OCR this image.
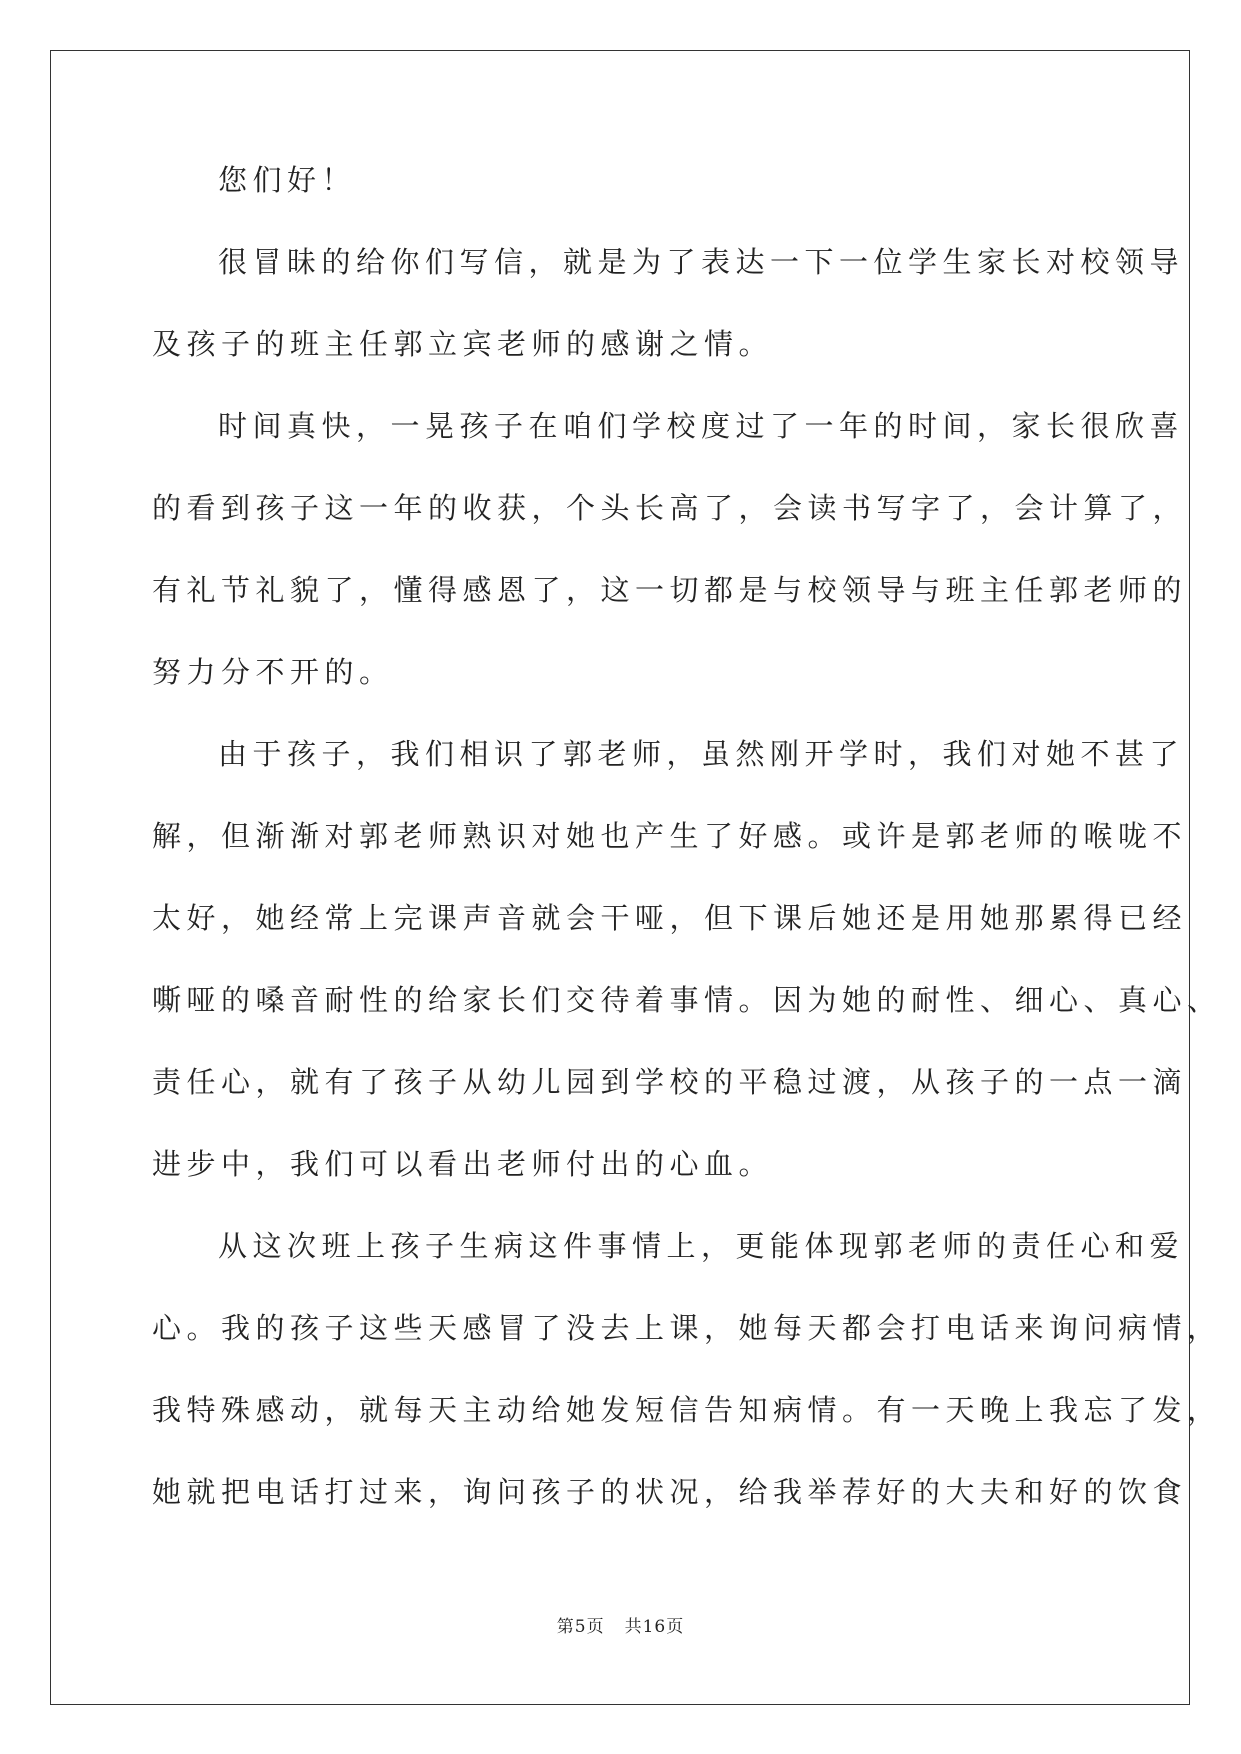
您们好！
很冒昧的给你们写信，就是为了表达一下一位学生家长对校领导
及孩子的班主任郭立宾老师的感谢之情。
时间真快，一晃孩子在咱们学校度过了一年的时间，家长很欣喜
的看到孩子这一年的收获，个头长高了，会读书写字了，会计算了，
有礼节礼貌了，懂得感恩了，这一切都是与校领导与班主任郭老师的
努力分不开的。
由于孩子，我们相识了郭老师，虽然刚开学时，我们对她不甚了
解，但渐渐对郭老师熟识对她也产生了好感。或许是郭老师的喉咙不
太好，她经常上完课声音就会干哑，但下课后她还是用她那累得已经
嘶哑的嗓音耐性的给家长们交待着事情。因为她的耐性、细心、真心、
责任心，就有了孩子从幼儿园到学校的平稳过渡，从孩子的一点一滴
进步中，我们可以看出老师付出的心血。
从这次班上孩子生病这件事情上，更能体现郭老师的责任心和爱
心。我的孩子这些天感冒了没去上课，她每天都会打电话来询问病情，
我特殊感动，就每天主动给她发短信告知病情。有一天晚上我忘了发，
她就把电话打过来，询问孩子的状况，给我举荐好的大夫和好的饮食
第5页 共16页
